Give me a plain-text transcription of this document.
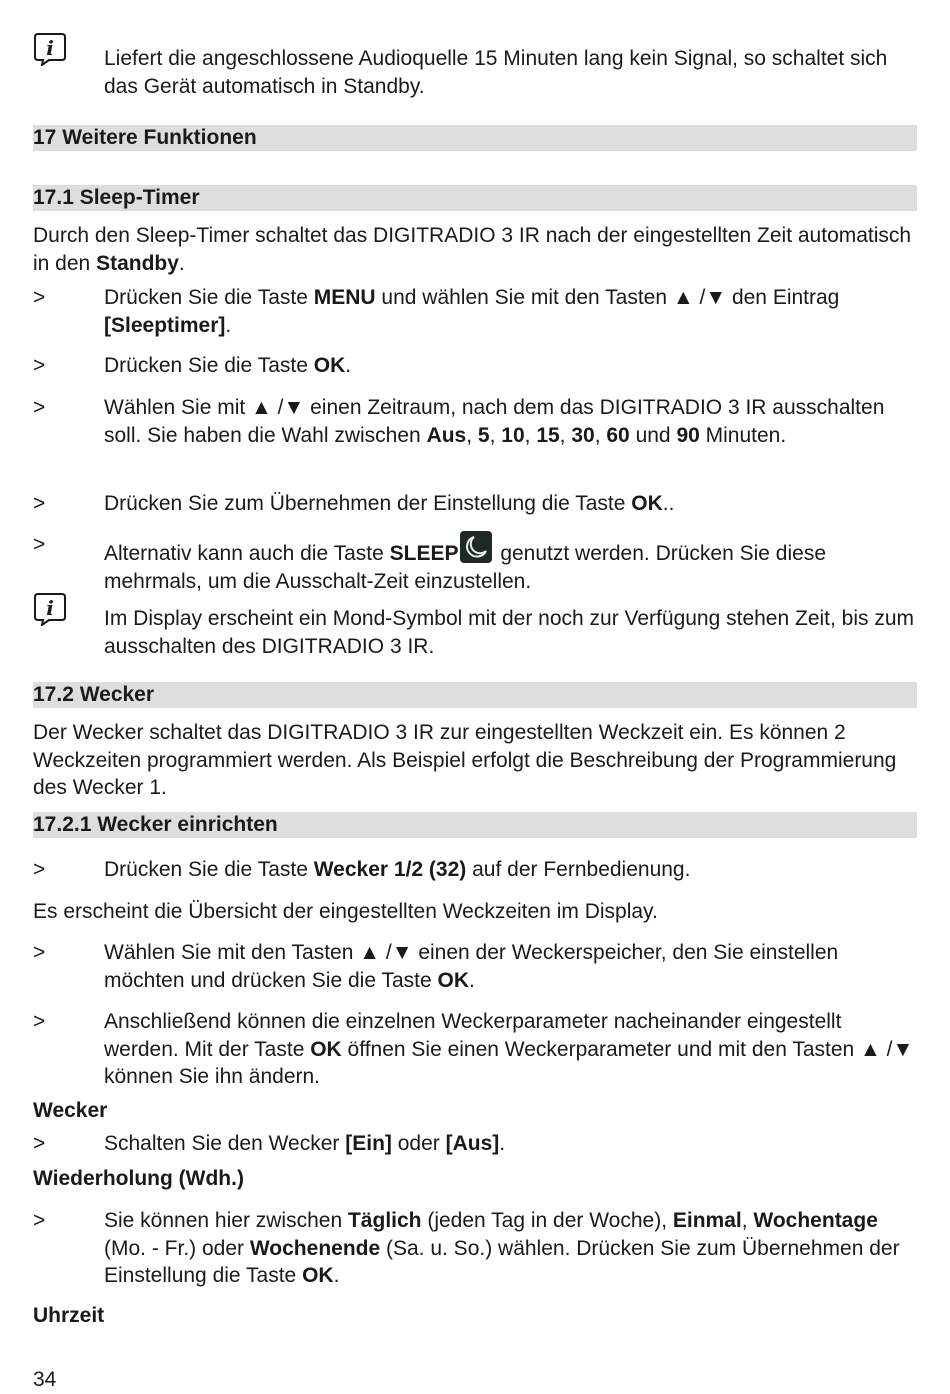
i Liefert die angeschlossene Audioquelle 15 Minuten lang kein Signal, so schaltet sich das Gerät automatisch in Standby.
17 Weitere Funktionen
17.1 Sleep-Timer
Durch den Sleep-Timer schaltet das DIGITRADIO 3 IR nach der eingestellten Zeit automatisch in den Standby.
>	Drücken Sie die Taste MENU und wählen Sie mit den Tasten ▲ /▼ den Eintrag [Sleeptimer].
>	Drücken Sie die Taste OK.
>	Wählen Sie mit ▲ /▼ einen Zeitraum, nach dem das DIGITRADIO 3 IR ausschalten soll. Sie haben die Wahl zwischen Aus, 5, 10, 15, 30, 60 und 90 Minuten.
>	Drücken Sie zum Übernehmen der Einstellung die Taste OK..
>	Alternativ kann auch die Taste SLEEP
genutzt werden. Drücken Sie diese mehrmals, um die Ausschalt-Zeit einzustellen.
i Im Display erscheint ein Mond-Symbol mit der noch zur Verfügung stehen Zeit, bis zum ausschalten des DIGITRADIO 3 IR.
17.2 Wecker
Der Wecker schaltet das DIGITRADIO 3 IR zur eingestellten Weckzeit ein. Es können 2 Weckzeiten programmiert werden. Als Beispiel erfolgt die Beschreibung der Programmierung des Wecker 1.
17.2.1 Wecker einrichten
>	Drücken Sie die Taste Wecker 1/2 (32) auf der Fernbedienung.
Es erscheint die Übersicht der eingestellten Weckzeiten im Display.
>	Wählen Sie mit den Tasten ▲ /▼ einen der Weckerspeicher, den Sie einstellen möchten und drücken Sie die Taste OK.
>	Anschließend können die einzelnen Weckerparameter nacheinander eingestellt werden. Mit der Taste OK öffnen Sie einen Weckerparameter und mit den Tasten ▲ /▼ können Sie ihn ändern.
Wecker
>	Schalten Sie den Wecker [Ein] oder [Aus].
Wiederholung (Wdh.)
>	Sie können hier zwischen Täglich (jeden Tag in der Woche), Einmal, Wochentage (Mo. - Fr.) oder Wochenende (Sa. u. So.) wählen. Drücken Sie zum Übernehmen der Einstellung die Taste OK.
Uhrzeit
34
